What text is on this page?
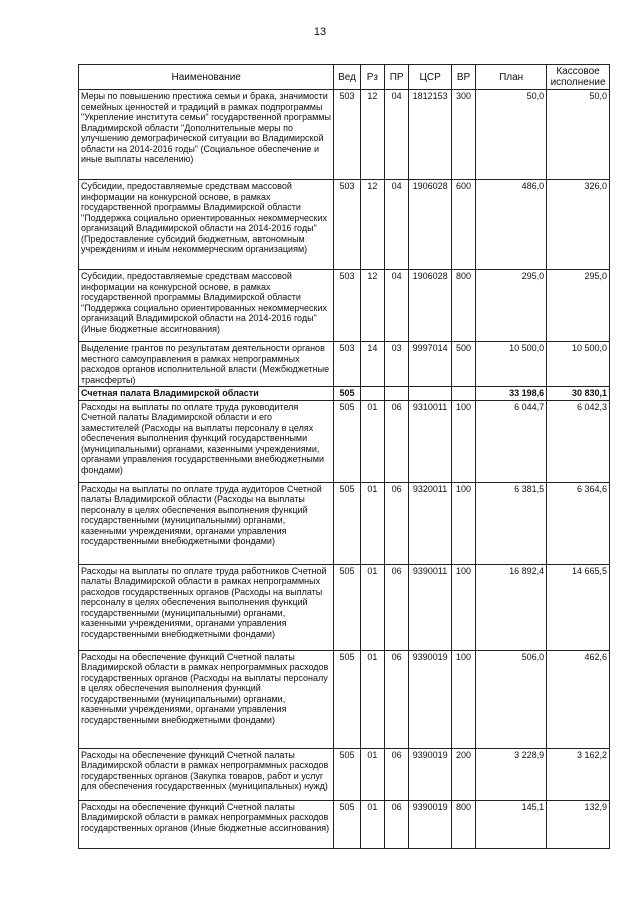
13
Наименование	Вед	Рз	ПР	ЦСР	ВР	План	Кассовое исполнение
Меры по повышению престижа семьи и брака, значимости семейных ценностей и традиций в рамках подпрограммы "Укрепление института семьи" государственной программы Владимирской области "Дополнительные меры по улучшению демографической ситуации во Владимирской области на 2014-2016 годы" (Социальное обеспечение и иные выплаты населению)	503	12	04	1812153	300	50,0	50,0
Субсидии, предоставляемые средствам массовой информации на конкурсной основе, в рамках государственной программы Владимирской области "Поддержка социально ориентированных некоммерческих организаций Владимирской области на 2014-2016 годы" (Предоставление субсидий бюджетным, автономным учреждениям и иным некоммерческим организациям)	503	12	04	1906028	600	486,0	326,0
Субсидии, предоставляемые средствам массовой информации на конкурсной основе, в рамках государственной программы Владимирской области "Поддержка социально ориентированных некоммерческих организаций Владимирской области на 2014-2016 годы" (Иные бюджетные ассигнования)	503	12	04	1906028	800	295,0	295,0
Выделение грантов по результатам деятельности органов местного самоуправления в рамках непрограммных расходов органов исполнительной власти (Межбюджетные трансферты)	503	14	03	9997014	500	10 500,0	10 500,0
Счетная палата Владимирской области	505					33 198,6	30 830,1
Расходы на выплаты по оплате труда руководителя Счетной палаты Владимирской области и его заместителей (Расходы на выплаты персоналу в целях обеспечения выполнения функций государственными (муниципальными) органами, казенными учреждениями, органами управления государственными внебюджетными фондами)	505	01	06	9310011	100	6 044,7	6 042,3
Расходы на выплаты по оплате труда аудиторов Счетной палаты Владимирской области (Расходы на выплаты персоналу в целях обеспечения выполнения функций государственными (муниципальными) органами, казенными учреждениями, органами управления государственными внебюджетными фондами)	505	01	06	9320011	100	6 381,5	6 364,6
Расходы на выплаты по оплате труда работников Счетной палаты Владимирской области в рамках непрограммных расходов государственных органов (Расходы на выплаты персоналу в целях обеспечения выполнения функций государственными (муниципальными) органами, казенными учреждениями, органами управления государственными внебюджетными фондами)	505	01	06	9390011	100	16 892,4	14 665,5
Расходы на обеспечение функций Счетной палаты Владимирской области в рамках непрограммных расходов государственных органов (Расходы на выплаты персоналу в целях обеспечения выполнения функций государственными (муниципальными) органами, казенными учреждениями, органами управления государственными внебюджетными фондами)	505	01	06	9390019	100	506,0	462,6
Расходы на обеспечение функций Счетной палаты Владимирской области в рамках непрограммных расходов государственных органов (Закупка товаров, работ и услуг для обеспечения государственных (муниципальных) нужд)	505	01	06	9390019	200	3 228,9	3 162,2
Расходы на обеспечение функций Счетной палаты Владимирской области в рамках непрограммных расходов государственных органов (Иные бюджетные ассигнования)	505	01	06	9390019	800	145,1	132,9
